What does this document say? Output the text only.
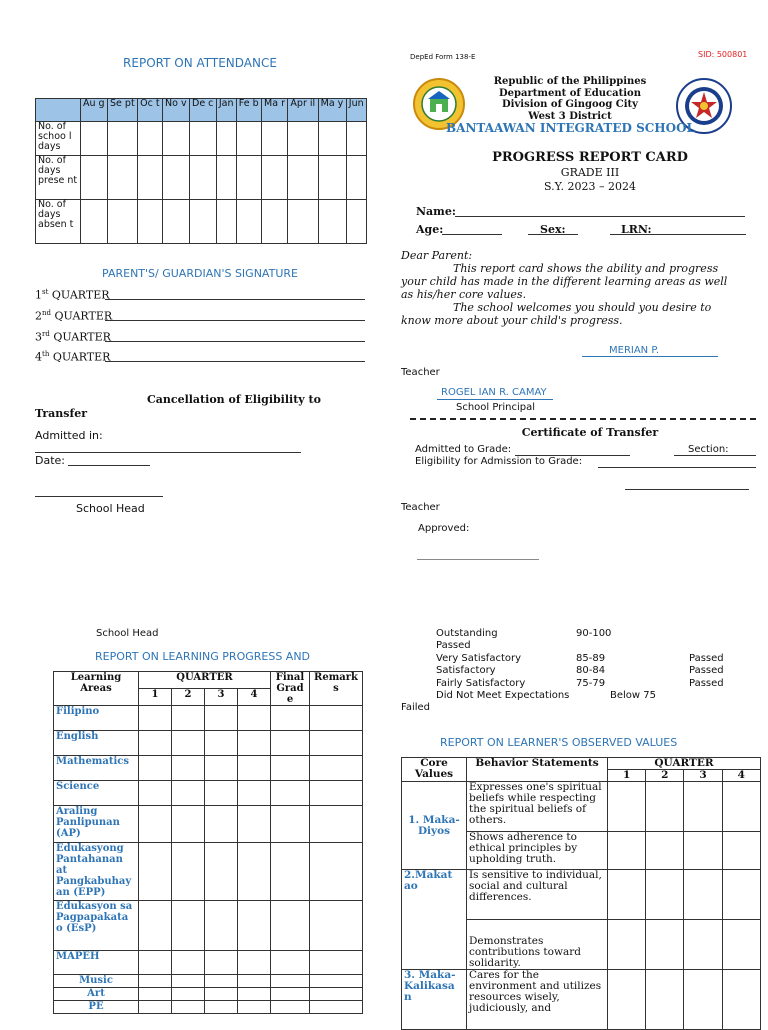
REPORT ON ATTENDANCE
	Au g	Se pt	Oc t	No v	De c	Jan	Fe b	Ma r	Apr il	Ma y	Jun
No. of schoo l days											
No. of days prese nt											
No. of days absen t											
PARENT'S/ GUARDIAN'S SIGNATURE
1st QUARTER
2nd QUARTER
3rd QUARTER
4th QUARTER
Cancellation of Eligibility to
Transfer
Admitted in:
Date:
School Head
DepEd Form 138-E	SID: 500801
Republic of the Philippines
Department of Education
Division of Gingoog City
West 3 District
BANTAAWAN INTEGRATED SCHOOL
PROGRESS REPORT CARD
GRADE III
S.Y. 2023 – 2024
Name:
Age:	Sex:	LRN:
Dear Parent:
This report card shows the ability and progress your child has made in the different learning areas as well as his/her core values.
The school welcomes you should you desire to know more about your child's progress.
MERIAN P.
Teacher
ROGEL IAN R. CAMAY
School Principal
Certificate of Transfer
Admitted to Grade:	Section:
Eligibility for Admission to Grade:
Teacher
Approved:
School Head
REPORT ON LEARNING PROGRESS AND
Learning Areas	QUARTER				Final Grad e	Remark s
	1	2	3	4		
Filipino						
English						
Mathematics						
Science						
Araling Panlipunan (AP)						
Edukasyong Pantahanan at Pangkabuhay an (EPP)						
Edukasyon sa Pagpapakata o (EsP)						
MAPEH						
Music						
Art						
PE						
Outstanding	90-100
Passed
Very Satisfactory	85-89	Passed
Satisfactory	80-84	Passed
Fairly Satisfactory	75-79	Passed
Did Not Meet Expectations	Below 75
Failed
REPORT ON LEARNER'S OBSERVED VALUES
Core Values	Behavior Statements	QUARTER			
		1	2	3	4
1. Maka-Diyos	Expresses one's spiritual beliefs while respecting the spiritual beliefs of others.				
	Shows adherence to ethical principles by upholding truth.				
2.Makat ao	Is sensitive to individual, social and cultural differences.				
	Demonstrates contributions toward solidarity.				
3. Maka-Kalikasa n	Cares for the environment and utilizes resources wisely, judiciously, and				
